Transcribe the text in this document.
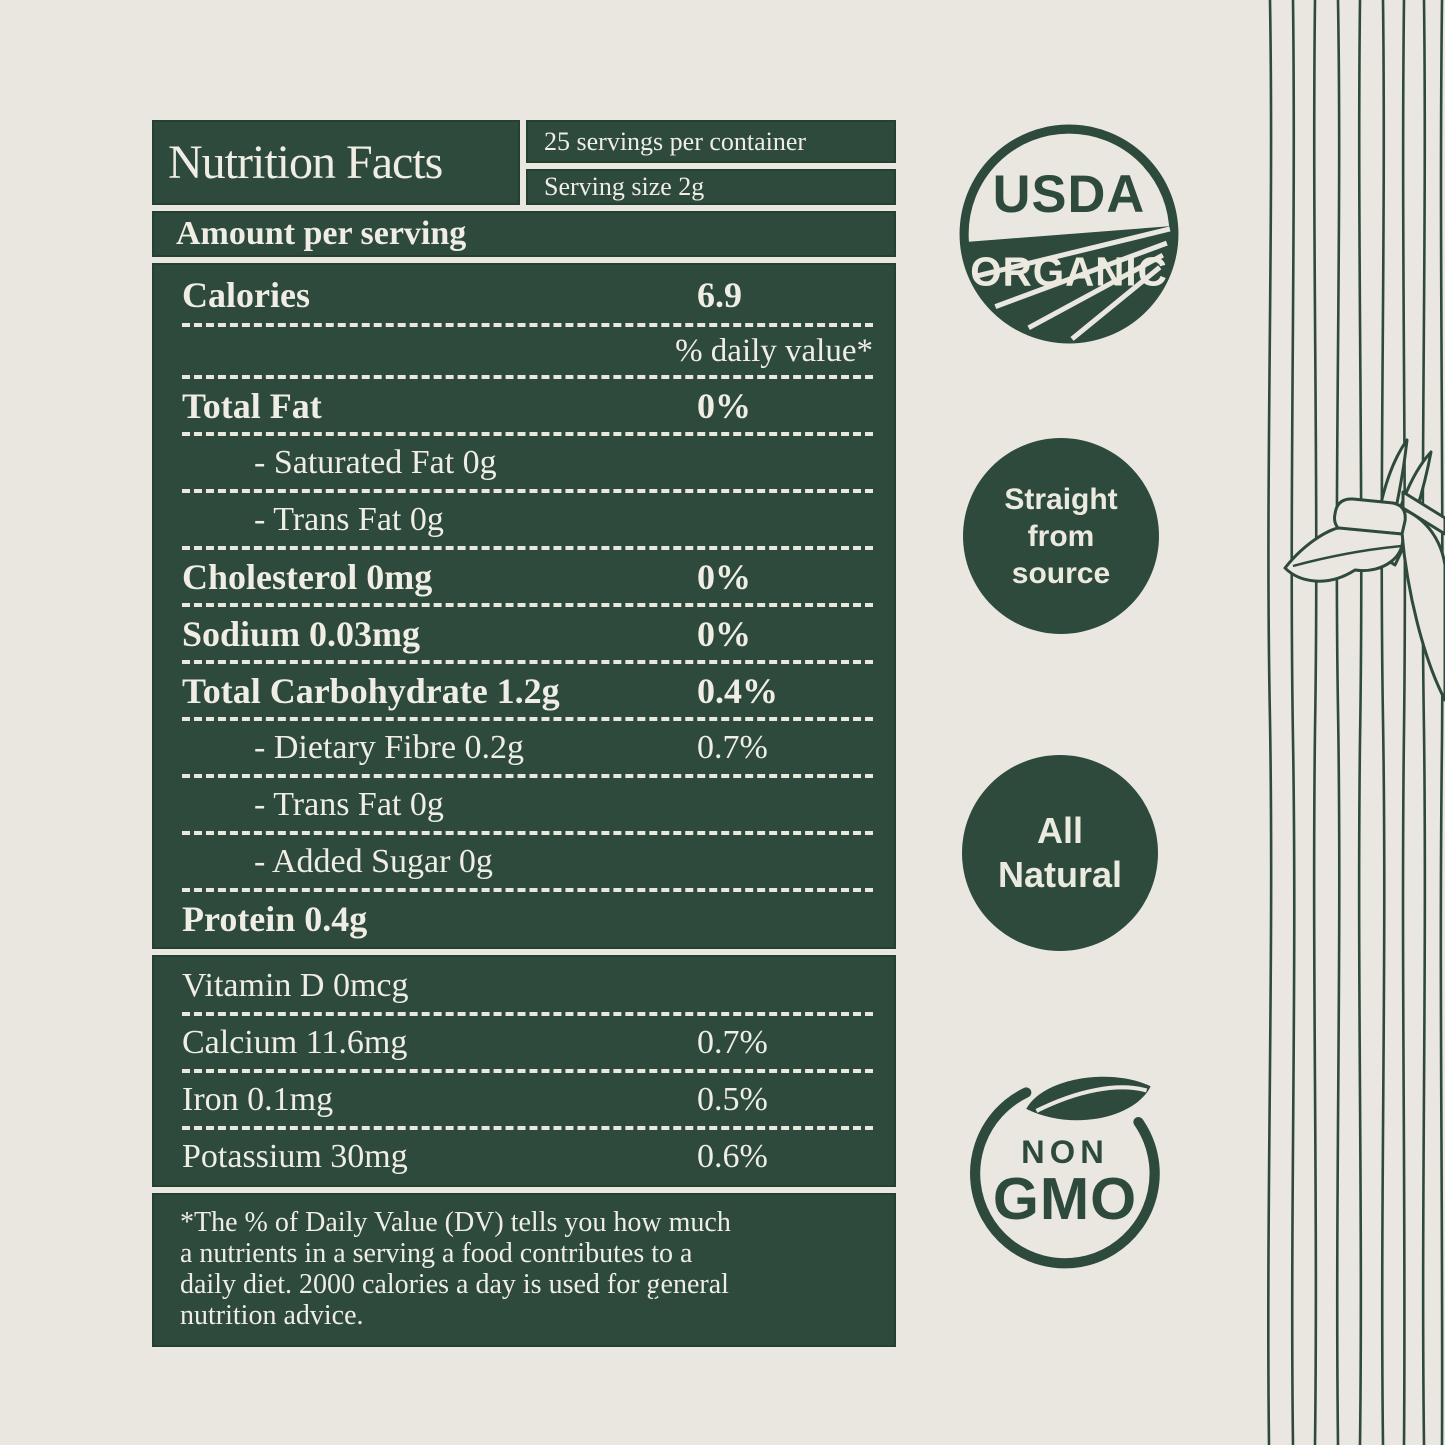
Nutrition Facts	25 servings per container
Serving size 2g
Amount per serving
Calories	6.9
% daily value*
Total Fat	0%
- Saturated Fat 0g
- Trans Fat 0g
Cholesterol 0mg	0%
Sodium 0.03mg	0%
Total Carbohydrate 1.2g	0.4%
- Dietary Fibre 0.2g	0.7%
- Trans Fat 0g
- Added Sugar 0g
Protein 0.4g
Vitamin D 0mcg
Calcium 11.6mg	0.7%
Iron 0.1mg	0.5%
Potassium 30mg	0.6%
*The % of Daily Value (DV) tells you how much
a nutrients in a serving a food contributes to a
daily diet. 2000 calories a day is used for general
nutrition advice.	*Approximate Values
USDA
ORGANIC
Straight
from
source
All
Natural
NON
GMO
